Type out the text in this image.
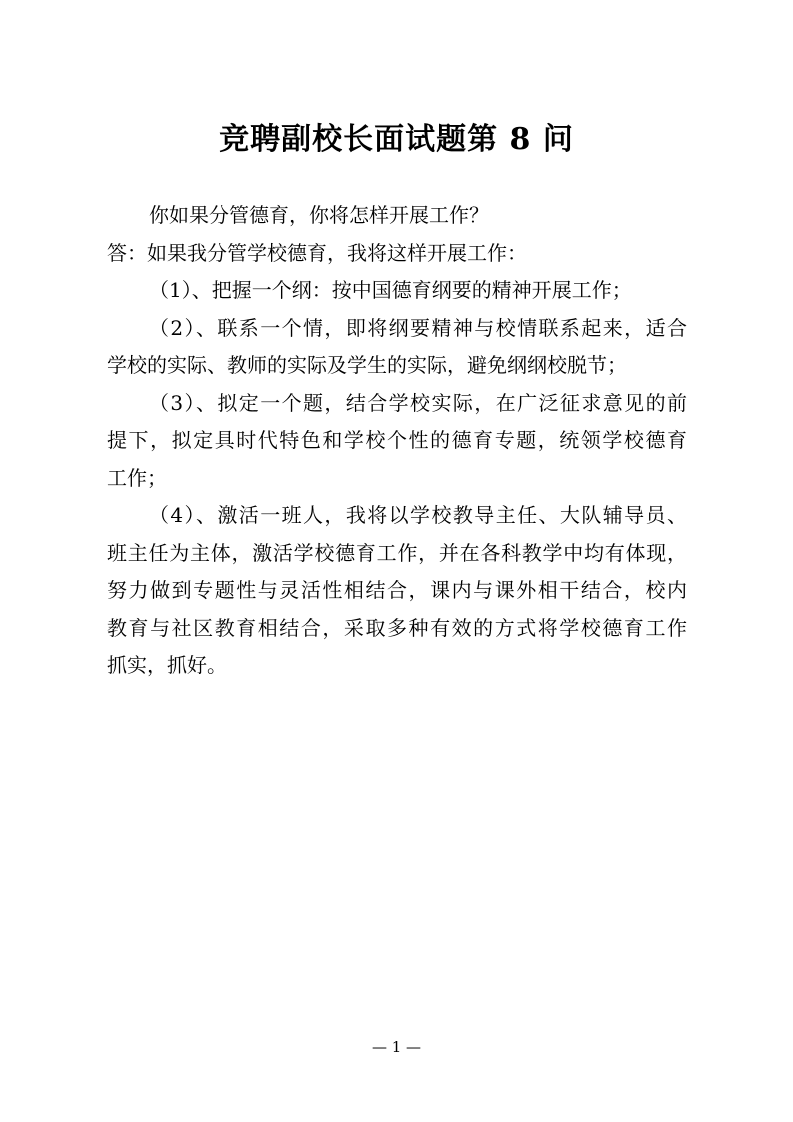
竞聘副校长面试题第 8 问
你如果分管德育，你将怎样开展工作？
答：如果我分管学校德育，我将这样开展工作：
（1）、把握一个纲：按中国德育纲要的精神开展工作；
（2）、联系一个情，即将纲要精神与校情联系起来，适合
学校的实际、教师的实际及学生的实际，避免纲纲校脱节；
（3）、拟定一个题，结合学校实际，在广泛征求意见的前
提下，拟定具时代特色和学校个性的德育专题，统领学校德育
工作；
（4）、激活一班人，我将以学校教导主任、大队辅导员、
班主任为主体，激活学校德育工作，并在各科教学中均有体现，
努力做到专题性与灵活性相结合，课内与课外相干结合，校内
教育与社区教育相结合，采取多种有效的方式将学校德育工作
抓实，抓好。
— 1 —
